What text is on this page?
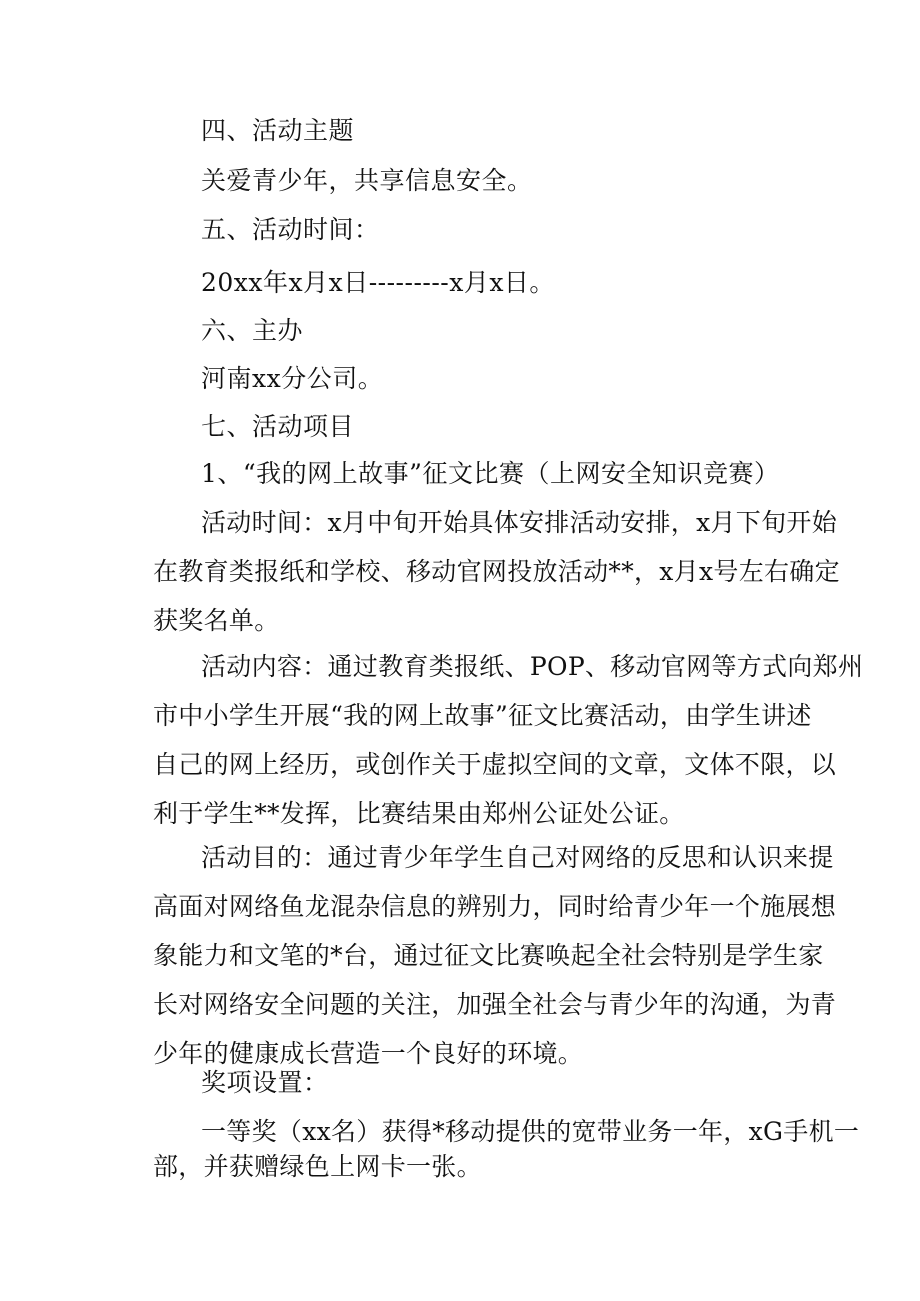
四、活动主题
关爱青少年，共享信息安全。
五、活动时间：
20xx年x月x日---------x月x日。
六、主办
河南xx分公司。
七、活动项目
1、“我的网上故事”征文比赛（上网安全知识竞赛）

活动时间：x月中旬开始具体安排活动安排，x月下旬开始

在教育类报纸和学校、移动官网投放活动**，x月x号左右确定

获奖名单。

活动内容：通过教育类报纸、POP、移动官网等方式向郑州

市中小学生开展“我的网上故事”征文比赛活动，由学生讲述

自己的网上经历，或创作关于虚拟空间的文章，文体不限，以

利于学生**发挥，比赛结果由郑州公证处公证。

活动目的：通过青少年学生自己对网络的反思和认识来提

高面对网络鱼龙混杂信息的辨别力，同时给青少年一个施展想

象能力和文笔的*台，通过征文比赛唤起全社会特别是学生家

长对网络安全问题的关注，加强全社会与青少年的沟通，为青

少年的健康成长营造一个良好的环境。

奖项设置：

一等奖（xx名）获得*移动提供的宽带业务一年，xG手机一

部，并获赠绿色上网卡一张。
